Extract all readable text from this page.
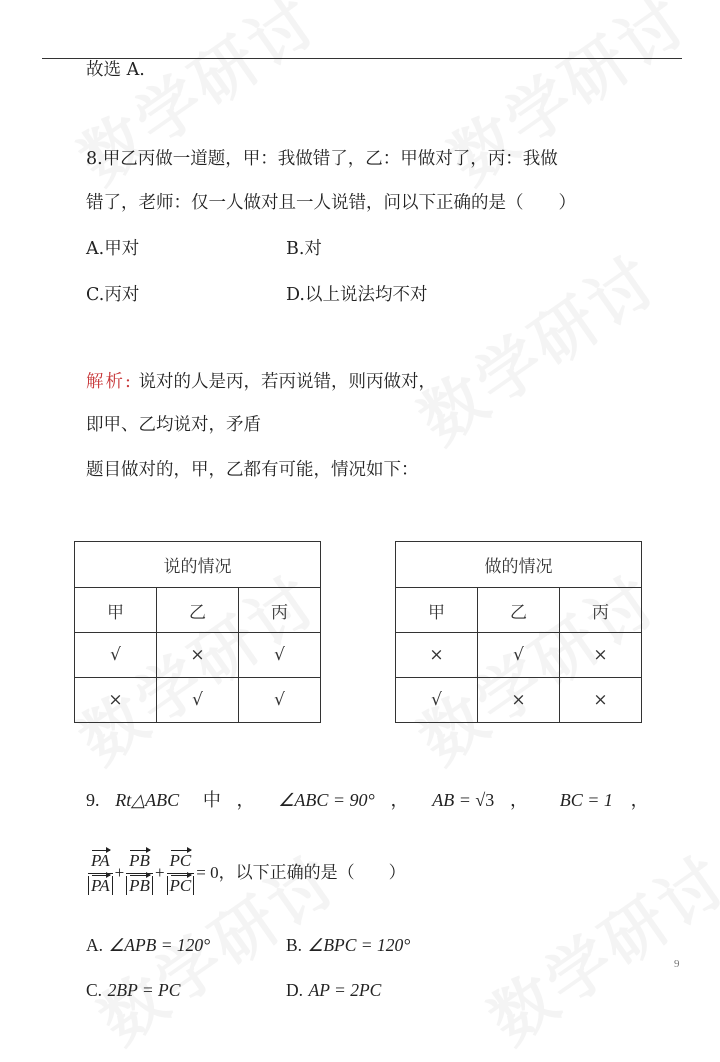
故选 A.
8.甲乙丙做一道题，甲：我做错了，乙：甲做对了，丙：我做
错了，老师：仅一人做对且一人说错，问以下正确的是（　　）
A.甲对	B.对
C.丙对	D.以上说法均不对
解析: 说对的人是丙，若丙说错，则丙做对，
即甲、乙均说对，矛盾
题目做对的，甲，乙都有可能，情况如下：
说的情况		
甲	乙	丙
√	×	√
×	√	√
做的情况		
甲	乙	丙
×	√	×
√	×	×
9. Rt△ABC 中 ， ∠ABC = 90° ， AB = √3 ， BC = 1 ，
$\frac{PA}{PA} + \frac{PB}{PB} + \frac{PC}{PC} = 0$，以下正确的是（　　）
A. ∠APB = 120°	B. ∠BPC = 120°
C. 2BP = PC	D. AP = 2PC
9
